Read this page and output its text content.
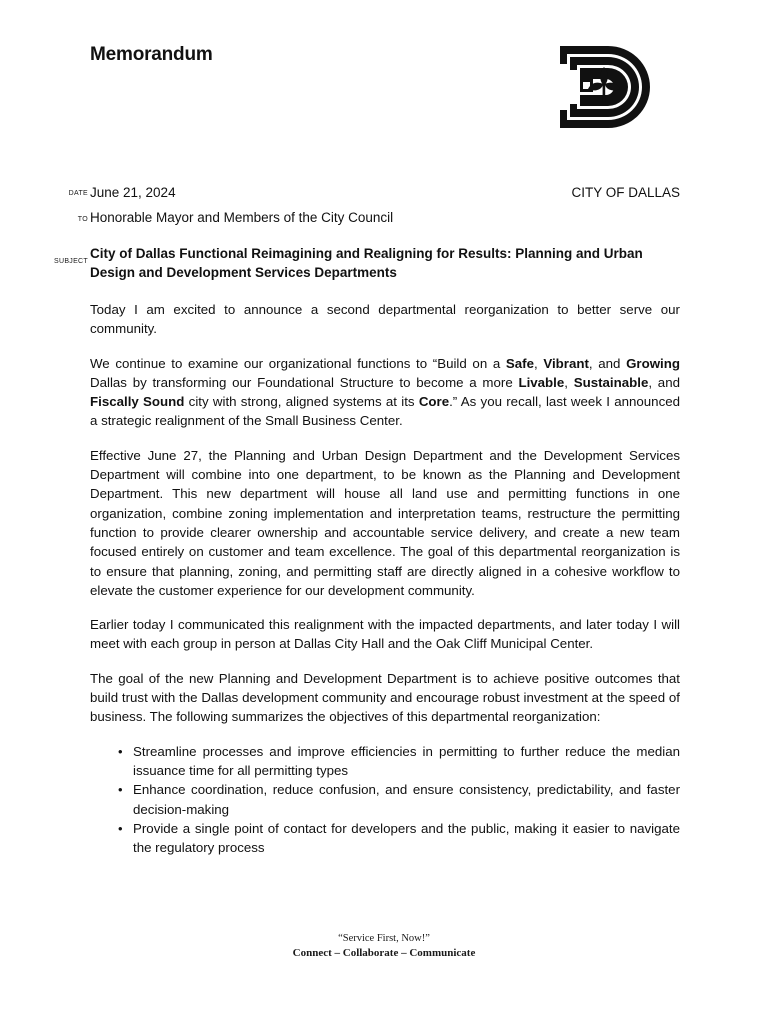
Memorandum
DATE June 21, 2024	CITY OF DALLAS
TO Honorable Mayor and Members of the City Council
SUBJECT
City of Dallas Functional Reimagining and Realigning for Results: Planning and Urban Design and Development Services Departments

Today I am excited to announce a second departmental reorganization to better serve our community.

We continue to examine our organizational functions to “Build on a Safe, Vibrant, and Growing Dallas by transforming our Foundational Structure to become a more Livable, Sustainable, and Fiscally Sound city with strong, aligned systems at its Core.” As you recall, last week I announced a strategic realignment of the Small Business Center.

Effective June 27, the Planning and Urban Design Department and the Development Services Department will combine into one department, to be known as the Planning and Development Department. This new department will house all land use and permitting functions in one organization, combine zoning implementation and interpretation teams, restructure the permitting function to provide clearer ownership and accountable service delivery, and create a new team focused entirely on customer and team excellence. The goal of this departmental reorganization is to ensure that planning, zoning, and permitting staff are directly aligned in a cohesive workflow to elevate the customer experience for our development community.

Earlier today I communicated this realignment with the impacted departments, and later today I will meet with each group in person at Dallas City Hall and the Oak Cliff Municipal Center.

The goal of the new Planning and Development Department is to achieve positive outcomes that build trust with the Dallas development community and encourage robust investment at the speed of business. The following summarizes the objectives of this departmental reorganization:

• Streamline processes and improve efficiencies in permitting to further reduce the median issuance time for all permitting types
• Enhance coordination, reduce confusion, and ensure consistency, predictability, and faster decision-making
• Provide a single point of contact for developers and the public, making it easier to navigate the regulatory process
“Service First, Now!”
Connect – Collaborate – Communicate
